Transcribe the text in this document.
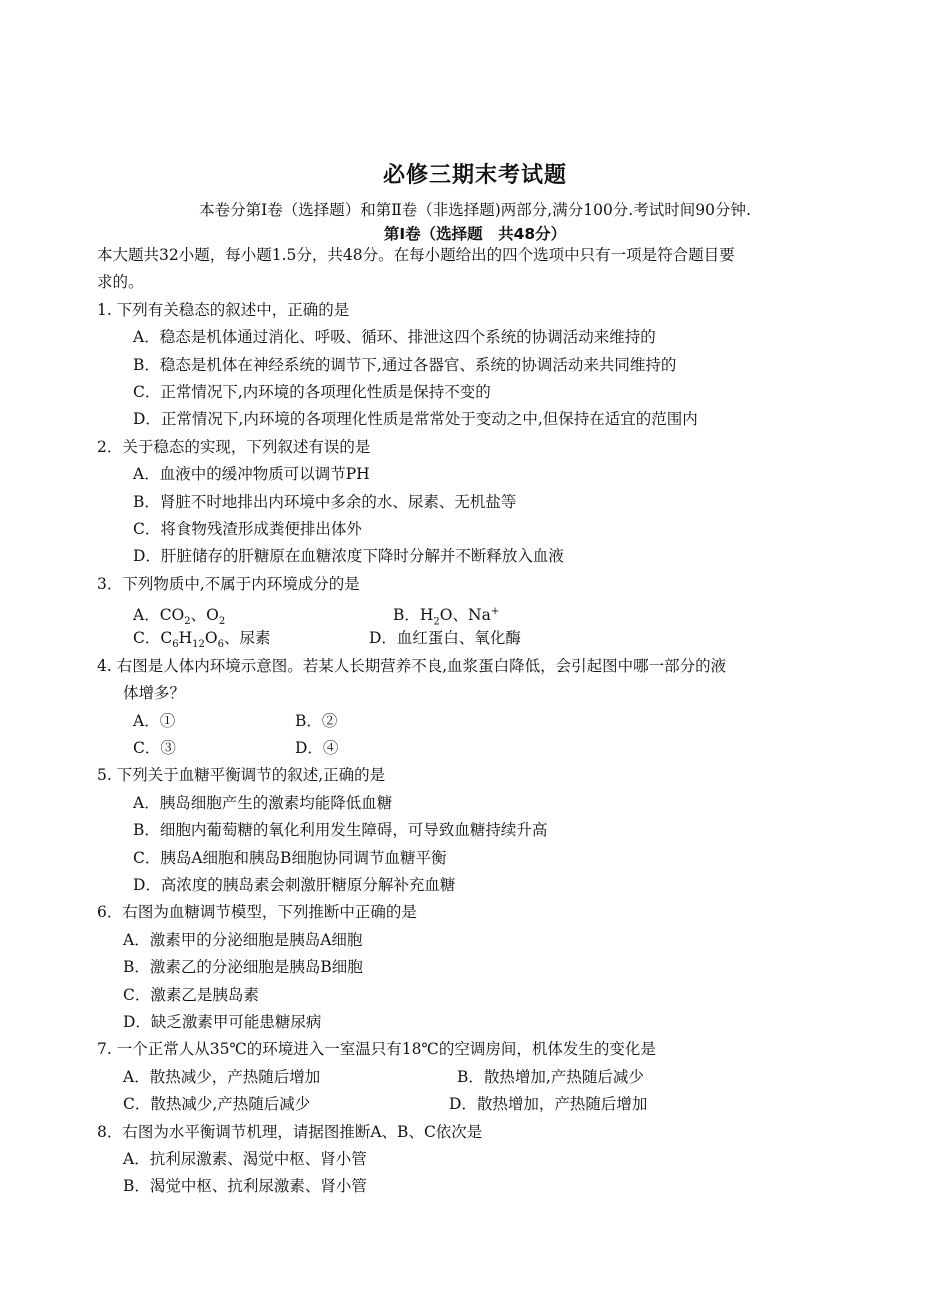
必修三期末考试题
本卷分第Ⅰ卷（选择题）和第Ⅱ卷（非选择题)两部分,满分100分.考试时间90分钟.
第Ⅰ卷（选择题　共48分）
本大题共32小题，每小题1.5分，共48分。在每小题给出的四个选项中只有一项是符合题目要
求的。
1. 下列有关稳态的叙述中，正确的是
A．稳态是机体通过消化、呼吸、循环、排泄这四个系统的协调活动来维持的
B．稳态是机体在神经系统的调节下,通过各器官、系统的协调活动来共同维持的
C．正常情况下,内环境的各项理化性质是保持不变的
D．正常情况下,内环境的各项理化性质是常常处于变动之中,但保持在适宜的范围内
2．关于稳态的实现，下列叙述有误的是
A．血液中的缓冲物质可以调节PH
B．肾脏不时地排出内环境中多余的水、尿素、无机盐等
C．将食物残渣形成粪便排出体外
D．肝脏储存的肝糖原在血糖浓度下降时分解并不断释放入血液
3．下列物质中,不属于内环境成分的是
A．$CO_2$、$O_2$	B．$H_2O$、Na+
C．$C_6H_{12}O_6$、尿素	D．血红蛋白、氧化酶
4. 右图是人体内环境示意图。若某人长期营养不良,血浆蛋白降低，会引起图中哪一部分的液
体增多？
A．①	B．②
C．③	D．④
5. 下列关于血糖平衡调节的叙述,正确的是
A．胰岛细胞产生的激素均能降低血糖
B．细胞内葡萄糖的氧化利用发生障碍，可导致血糖持续升高
C．胰岛A细胞和胰岛B细胞协同调节血糖平衡
D．高浓度的胰岛素会刺激肝糖原分解补充血糖
6．右图为血糖调节模型，下列推断中正确的是
A．激素甲的分泌细胞是胰岛A细胞
B．激素乙的分泌细胞是胰岛B细胞
C．激素乙是胰岛素
D．缺乏激素甲可能患糖尿病
7. 一个正常人从35℃的环境进入一室温只有18℃的空调房间，机体发生的变化是
A．散热减少，产热随后增加	B．散热增加,产热随后减少
C．散热减少,产热随后减少	D．散热增加，产热随后增加
8．右图为水平衡调节机理，请据图推断A、B、C依次是
A．抗利尿激素、渴觉中枢、肾小管
B．渴觉中枢、抗利尿激素、肾小管
